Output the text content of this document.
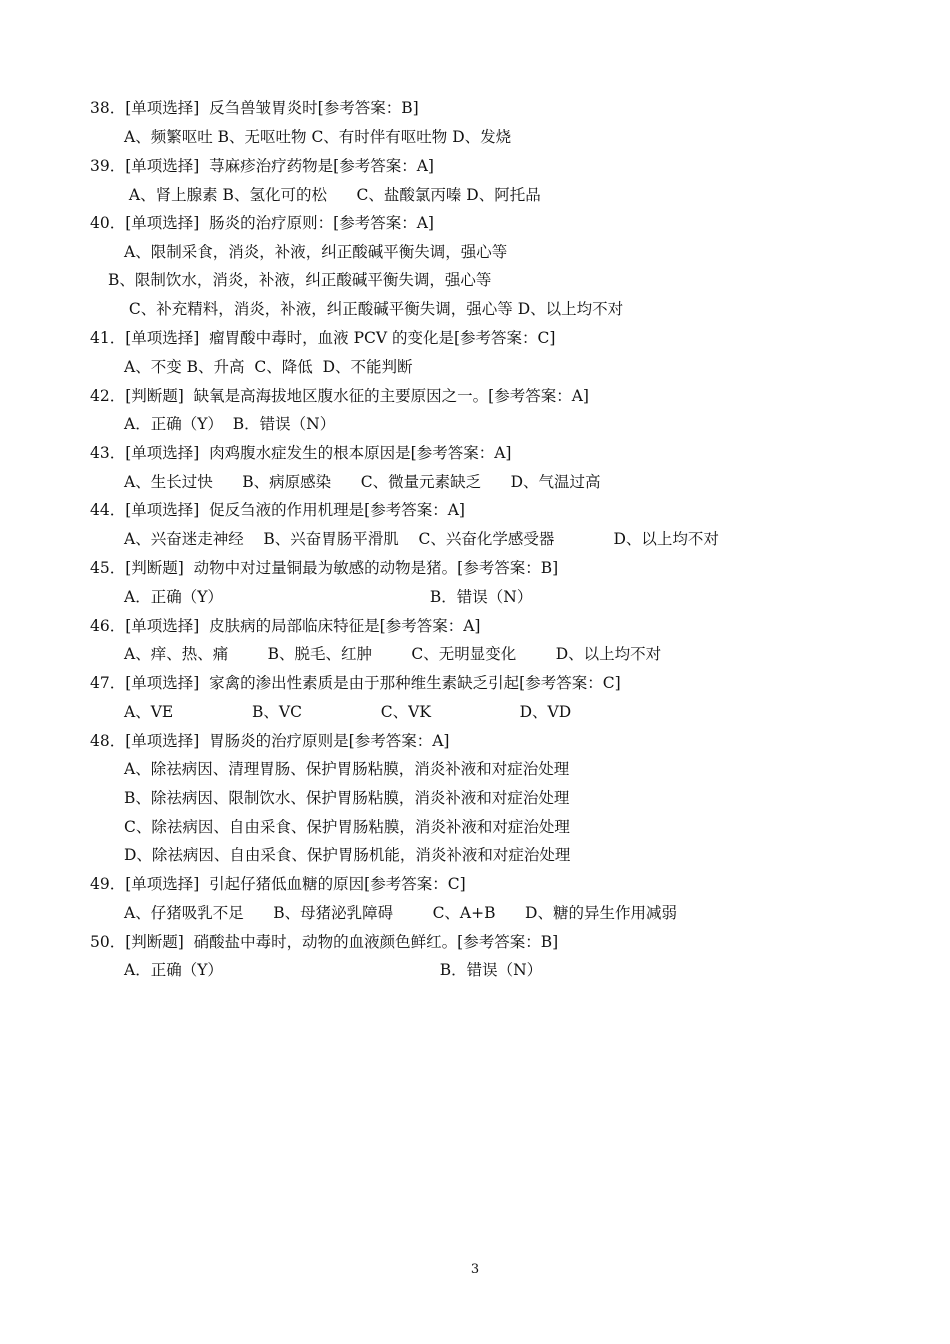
38．[单项选择]  反刍兽皱胃炎时[参考答案：B]
A、频繁呕吐 B、无呕吐物 C、有时伴有呕吐物 D、发烧
39．[单项选择]  荨麻疹治疗药物是[参考答案：A]
A、肾上腺素 B、氢化可的松      C、盐酸氯丙嗪 D、阿托品
40．[单项选择]  肠炎的治疗原则：[参考答案：A]
A、限制采食，消炎，补液，纠正酸碱平衡失调，强心等
B、限制饮水，消炎，补液，纠正酸碱平衡失调，强心等
C、补充精料，消炎，补液，纠正酸碱平衡失调，强心等 D、以上均不对
41．[单项选择]  瘤胃酸中毒时，血液 PCV 的变化是[参考答案：C]
A、不变 B、升高  C、降低  D、不能判断
42．[判断题]  缺氧是高海拔地区腹水征的主要原因之一。[参考答案：A]
A．正确（Y）  B．错误（N）
43．[单项选择]  肉鸡腹水症发生的根本原因是[参考答案：A]
A、生长过快      B、病原感染      C、微量元素缺乏      D、气温过高
44．[单项选择]  促反刍液的作用机理是[参考答案：A]
A、兴奋迷走神经    B、兴奋胃肠平滑肌    C、兴奋化学感受器            D、以上均不对
45．[判断题]  动物中对过量铜最为敏感的动物是猪。[参考答案：B]
A．正确（Y）                                          B．错误（N）
46．[单项选择]  皮肤病的局部临床特征是[参考答案：A]
A、痒、热、痛        B、脱毛、红肿        C、无明显变化        D、以上均不对
47．[单项选择]  家禽的渗出性素质是由于那种维生素缺乏引起[参考答案：C]
A、VE                B、VC                C、VK                  D、VD
48．[单项选择]  胃肠炎的治疗原则是[参考答案：A]
A、除祛病因、清理胃肠、保护胃肠粘膜，消炎补液和对症治处理
B、除祛病因、限制饮水、保护胃肠粘膜，消炎补液和对症治处理
C、除祛病因、自由采食、保护胃肠粘膜，消炎补液和对症治处理
D、除祛病因、自由采食、保护胃肠机能，消炎补液和对症治处理
49．[单项选择]  引起仔猪低血糖的原因[参考答案：C]
A、仔猪吸乳不足      B、母猪泌乳障碍        C、A+B      D、糖的异生作用减弱
50．[判断题]  硝酸盐中毒时，动物的血液颜色鲜红。[参考答案：B]
A．正确（Y）                                            B．错误（N）
3
